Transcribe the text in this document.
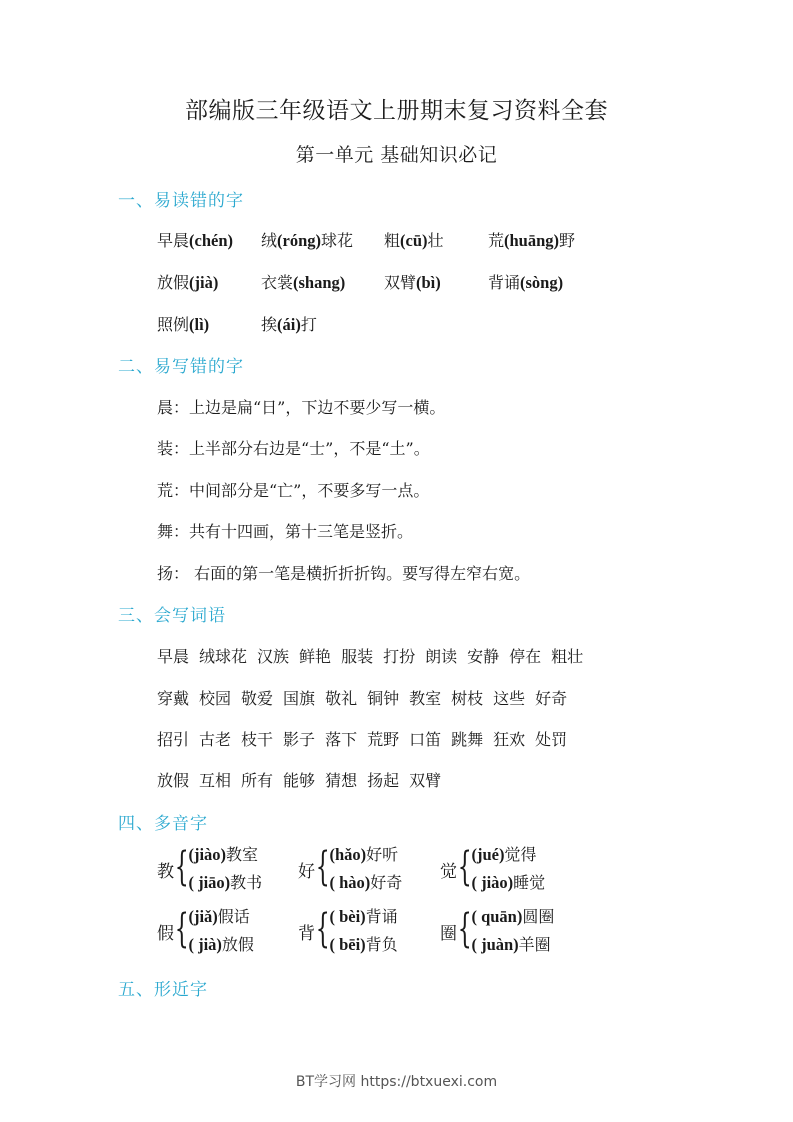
部编版三年级语文上册期末复习资料全套
第一单元 基础知识必记
一、易读错的字
早晨(chén) 绒(róng)球花 粗(cū)壮	荒(huāng)野
放假(jià)	衣裳(shang) 双臂(bì)	背诵(sòng)
照例(lì)	挨(ái)打
二、易写错的字
晨：上边是扁“日”，下边不要少写一横。
装：上半部分右边是“士”，不是“土”。
荒：中间部分是“亡”，不要多写一点。
舞：共有十四画，第十三笔是竖折。
扬： 右面的第一笔是横折折折钩。要写得左窄右宽。
三、会写词语
早晨 绒球花 汉族 鲜艳 服装 打扮 朗读 安静 停在 粗壮
穿戴 校园 敬爱 国旗 敬礼 铜钟 教室 树枝 这些 好奇
招引 古老 枝干 影子 落下 荒野 口笛 跳舞 狂欢 处罚
放假 互相 所有 能够 猜想 扬起 双臂
四、多音字
教 { (jiào)教室
( jiāo)教书
好 { (hǎo)好听
( hào)好奇
觉 { (jué)觉得
( jiào)睡觉
假 { (jiǎ)假话
( jià)放假
背 { ( bèi)背诵
( bēi)背负
圈 { ( quān)圆圈
( juàn)羊圈
五、形近字
BT学习网 https://btxuexi.com
